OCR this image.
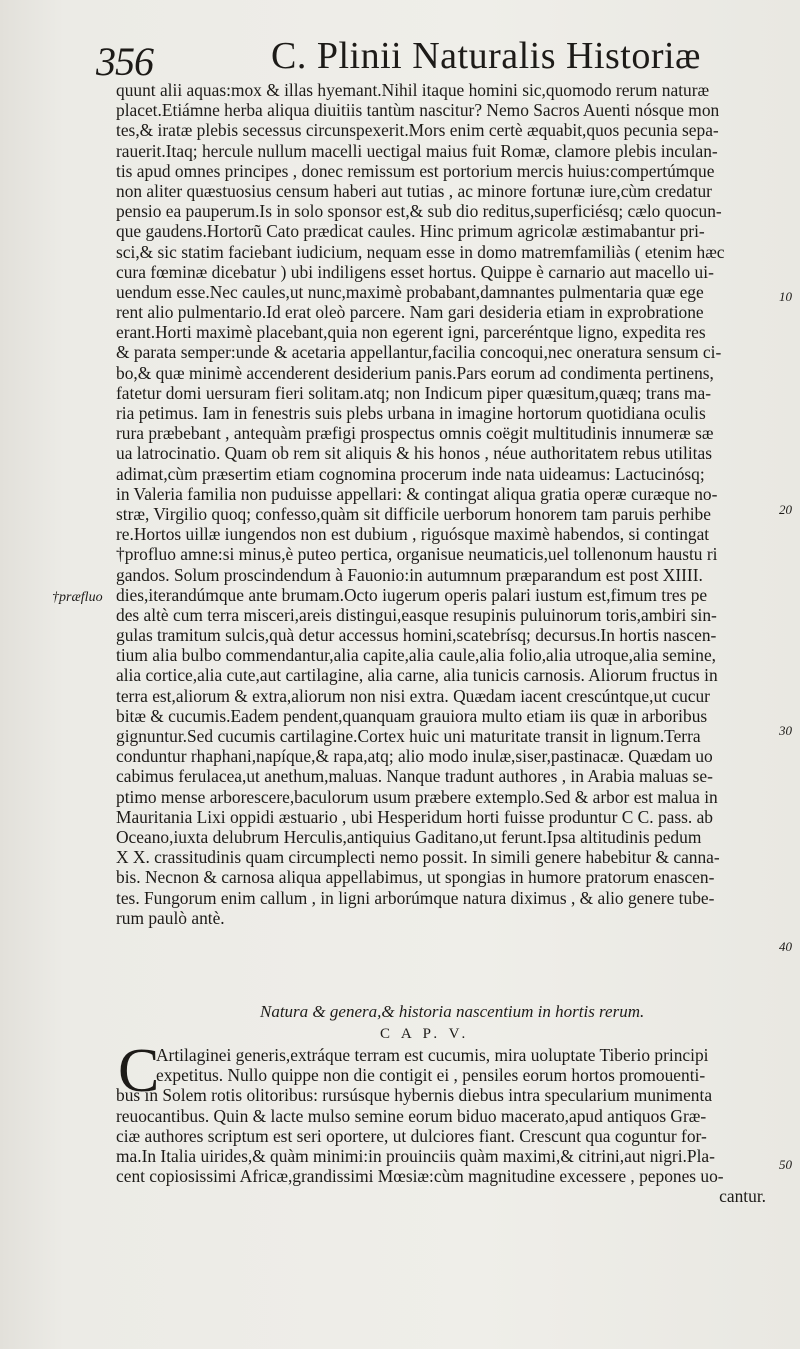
356	C. Plinii Naturalis Historiæ
quunt alii aquas:mox & illas hyemant.Nihil itaque homini sic,quomodo rerum naturæ
placet.Etiámne herba aliqua diuitiis tantùm nascitur? Nemo Sacros Auenti nósque mon
tes,& iratæ plebis secessus circunspexerit.Mors enim certè æquabit,quos pecunia sepa-
rauerit.Itaq; hercule nullum macelli uectigal maius fuit Romæ, clamore plebis inculan-
tis apud omnes principes , donec remissum est portorium mercis huius:compertúmque
non aliter quæstuosius censum haberi aut tutias , ac minore fortunæ iure,cùm credatur
pensio ea pauperum.Is in solo sponsor est,& sub dio reditus,superficiésq; cælo quocun-
que gaudens.Hortorũ Cato prædicat caules. Hinc primum agricolæ æstimabantur pri-
sci,& sic statim faciebant iudicium, nequam esse in domo matremfamiliàs ( etenim hæc
cura fœminæ dicebatur ) ubi indiligens esset hortus. Quippe è carnario aut macello ui-
uendum esse.Nec caules,ut nunc,maximè probabant,damnantes pulmentaria quæ ege
rent alio pulmentario.Id erat oleò parcere. Nam gari desideria etiam in exprobratione
erant.Horti maximè placebant,quia non egerent igni, parceréntque ligno, expedita res
& parata semper:unde & acetaria appellantur,facilia concoqui,nec oneratura sensum ci-
bo,& quæ minimè accenderent desiderium panis.Pars eorum ad condimenta pertinens,
fatetur domi uersuram fieri solitam.atq; non Indicum piper quæsitum,quæq; trans ma-
ria petimus. Iam in fenestris suis plebs urbana in imagine hortorum quotidiana oculis
rura præbebant , antequàm præfigi prospectus omnis coëgit multitudinis innumeræ sæ
ua latrocinatio. Quam ob rem sit aliquis & his honos , néue authoritatem rebus utilitas
adimat,cùm præsertim etiam cognomina procerum inde nata uideamus: Lactucinósq;
in Valeria familia non puduisse appellari: & contingat aliqua gratia operæ curæque no-
stræ, Virgilio quoq; confesso,quàm sit difficile uerborum honorem tam paruis perhibe
re.Hortos uillæ iungendos non est dubium , riguósque maximè habendos, si contingat
†profluo amne:si minus,è puteo pertica, organisue neumaticis,uel tollenonum haustu ri
gandos. Solum proscindendum à Fauonio:in autumnum præparandum est post XIIII.
dies,iterandúmque ante brumam.Octo iugerum operis palari iustum est,fimum tres pe
des altè cum terra misceri,areis distingui,easque resupinis puluinorum toris,ambiri sin-
gulas tramitum sulcis,quà detur accessus homini,scatebrísq; decursus.In hortis nascen-
tium alia bulbo commendantur,alia capite,alia caule,alia folio,alia utroque,alia semine,
alia cortice,alia cute,aut cartilagine, alia carne, alia tunicis carnosis. Aliorum fructus in
terra est,aliorum & extra,aliorum non nisi extra. Quædam iacent crescúntque,ut cucur
bitæ & cucumis.Eadem pendent,quanquam grauiora multo etiam iis quæ in arboribus
gignuntur.Sed cucumis cartilagine.Cortex huic uni maturitate transit in lignum.Terra
conduntur rhaphani,napíque,& rapa,atq; alio modo inulæ,siser,pastinacæ. Quædam uo
cabimus ferulacea,ut anethum,maluas. Nanque tradunt authores , in Arabia maluas se-
ptimo mense arborescere,baculorum usum præbere extemplo.Sed & arbor est malua in
Mauritania Lixi oppidi æstuario , ubi Hesperidum horti fuisse produntur C C. pass. ab
Oceano,iuxta delubrum Herculis,antiquius Gaditano,ut ferunt.Ipsa altitudinis pedum
X X. crassitudinis quam circumplecti nemo possit. In simili genere habebitur & canna-
bis. Necnon & carnosa aliqua appellabimus, ut spongias in humore pratorum enascen-
tes. Fungorum enim callum , in ligni arborúmque natura diximus , & alio genere tube-
rum paulò antè.
10
20
30
40
50
†præfluo
Natura & genera,& historia nascentium in hortis rerum.
C A P. V.
C
Artilaginei generis,extráque terram est cucumis, mira uoluptate Tiberio principi
expetitus. Nullo quippe non die contigit ei , pensiles eorum hortos promouenti-
bus in Solem rotis olitoribus: rursúsque hybernis diebus intra specularium munimenta
reuocantibus. Quin & lacte mulso semine eorum biduo macerato,apud antiquos Græ-
ciæ authores scriptum est seri oportere, ut dulciores fiant. Crescunt qua coguntur for-
ma.In Italia uirides,& quàm minimi:in prouinciis quàm maximi,& citrini,aut nigri.Pla-
cent copiosissimi Africæ,grandissimi Mœsiæ:cùm magnitudine excessere , pepones uo-
cantur.
